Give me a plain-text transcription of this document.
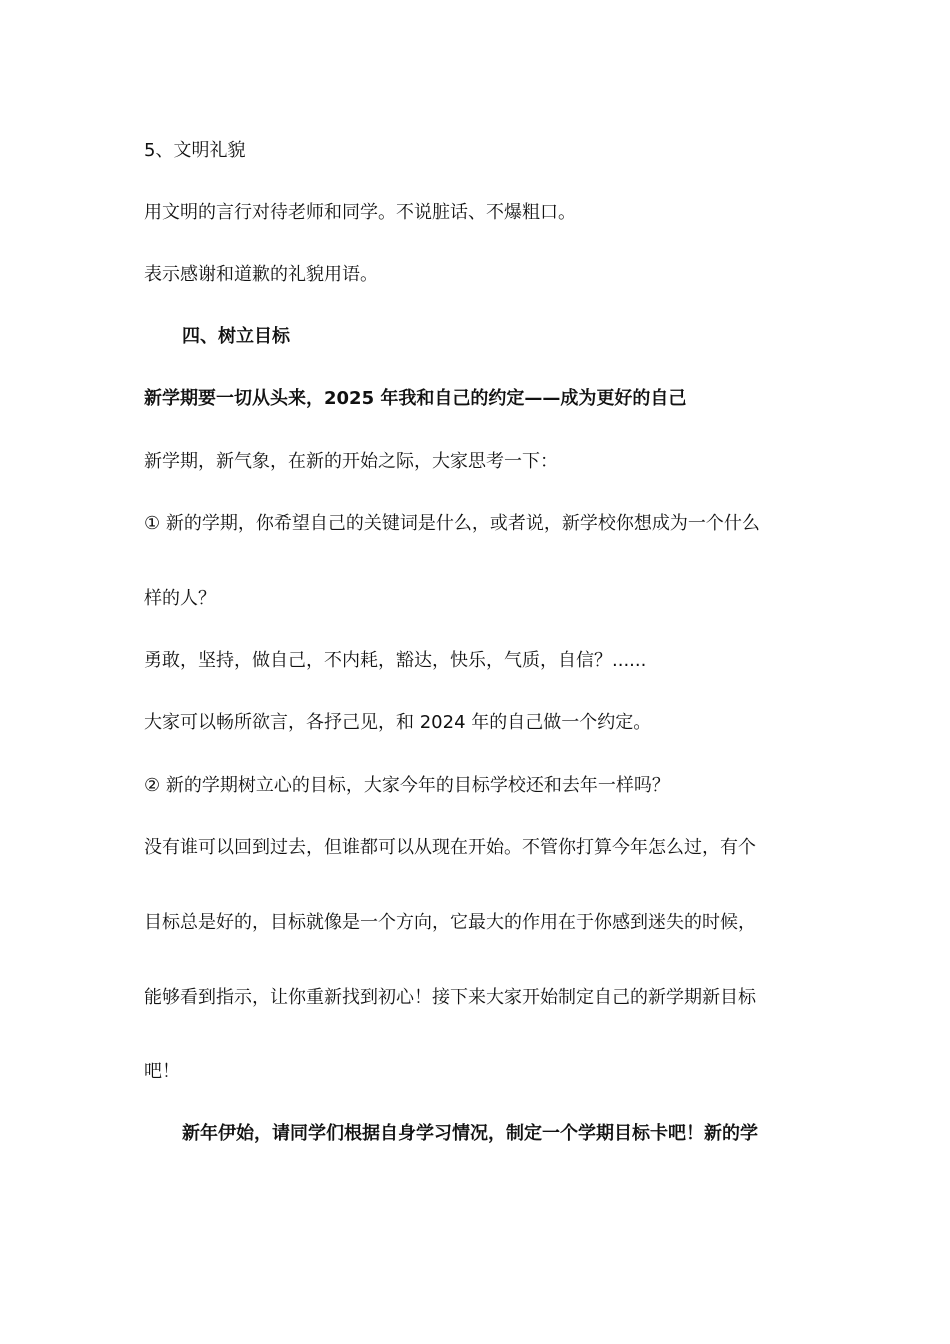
5、文明礼貌
用文明的言行对待老师和同学。不说脏话、不爆粗口。
表示感谢和道歉的礼貌用语。
四、树立目标
新学期要一切从头来，2025 年我和自己的约定——成为更好的自己
新学期，新气象，在新的开始之际，大家思考一下：
① 新的学期，你希望自己的关键词是什么，或者说，新学校你想成为一个什么
样的人？
勇敢，坚持，做自己，不内耗，豁达，快乐，气质，自信？......
大家可以畅所欲言，各抒己见，和 2024 年的自己做一个约定。
② 新的学期树立心的目标，大家今年的目标学校还和去年一样吗？
没有谁可以回到过去，但谁都可以从现在开始。不管你打算今年怎么过，有个
目标总是好的，目标就像是一个方向，它最大的作用在于你感到迷失的时候，
能够看到指示，让你重新找到初心！接下来大家开始制定自己的新学期新目标
吧！
新年伊始，请同学们根据自身学习情况，制定一个学期目标卡吧！新的学
